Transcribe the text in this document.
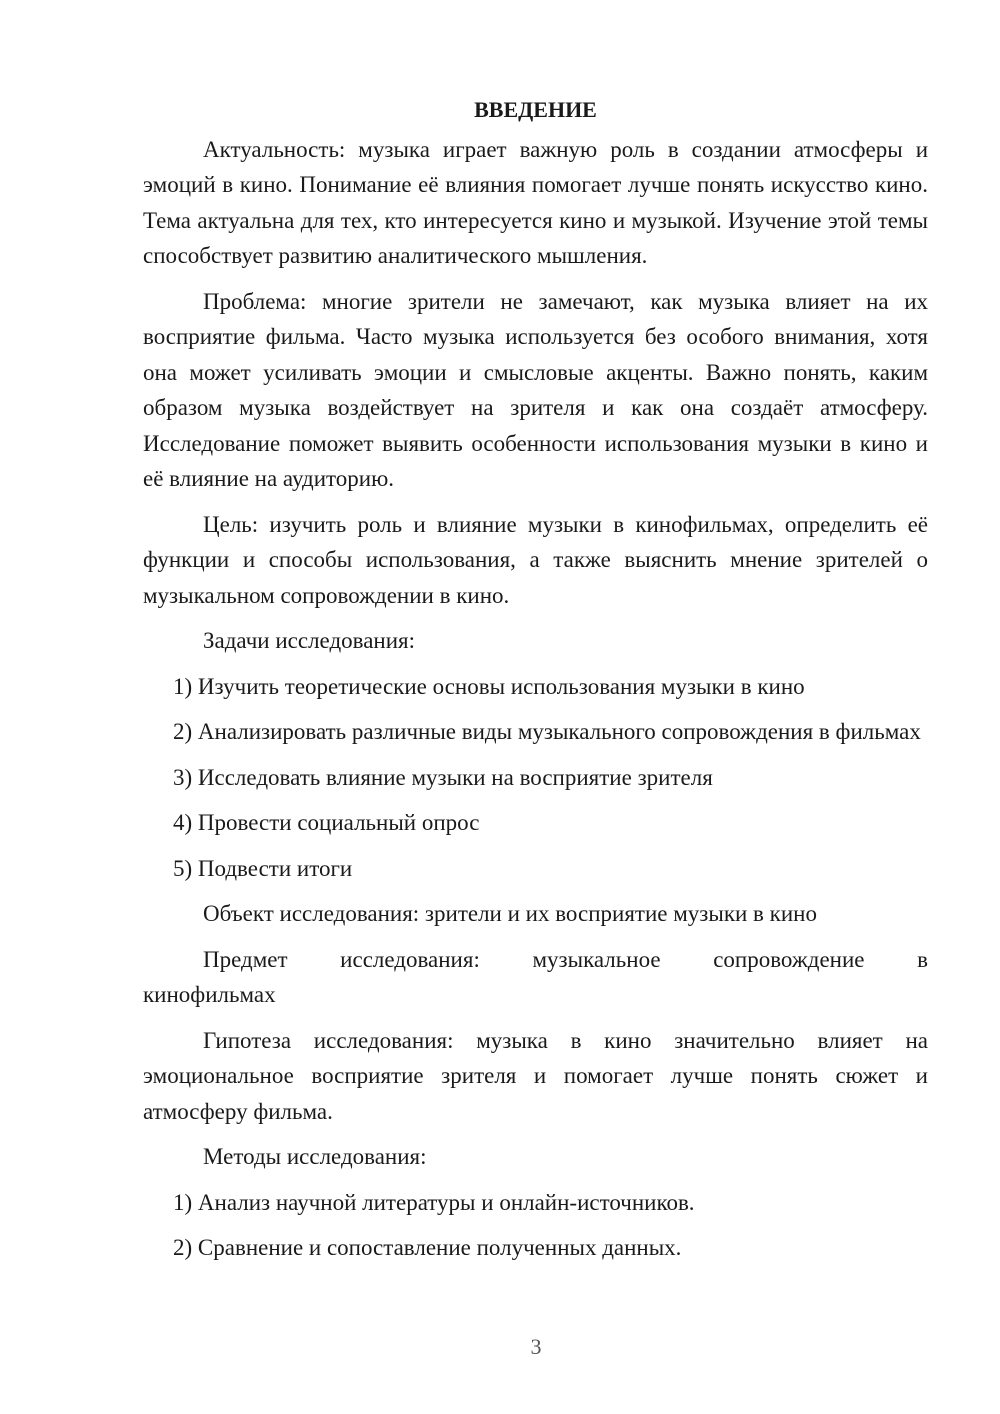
ВВЕДЕНИЕ

Актуальность: музыка играет важную роль в создании атмосферы и эмоций в кино. Понимание её влияния помогает лучше понять искусство кино. Тема актуальна для тех, кто интересуется кино и музыкой. Изучение этой темы способствует развитию аналитического мышления.

Проблема: многие зрители не замечают, как музыка влияет на их восприятие фильма. Часто музыка используется без особого внимания, хотя она может усиливать эмоции и смысловые акценты. Важно понять, каким образом музыка воздействует на зрителя и как она создаёт атмосферу. Исследование поможет выявить особенности использования музыки в кино и её влияние на аудиторию.

Цель: изучить роль и влияние музыки в кинофильмах, определить её функции и способы использования, а также выяснить мнение зрителей о музыкальном сопровождении в кино.

Задачи исследования:

1) Изучить теоретические основы использования музыки в кино

2) Анализировать различные виды музыкального сопровождения в фильмах

3) Исследовать влияние музыки на восприятие зрителя

4) Провести социальный опрос

5) Подвести итоги

Объект исследования: зрители и их восприятие музыки в кино

Предмет исследования: музыкальное сопровождение в кинофильмах

Гипотеза исследования: музыка в кино значительно влияет на эмоциональное восприятие зрителя и помогает лучше понять сюжет и атмосферу фильма.

Методы исследования:

1) Анализ научной литературы и онлайн-источников.

2) Сравнение и сопоставление полученных данных.

3
